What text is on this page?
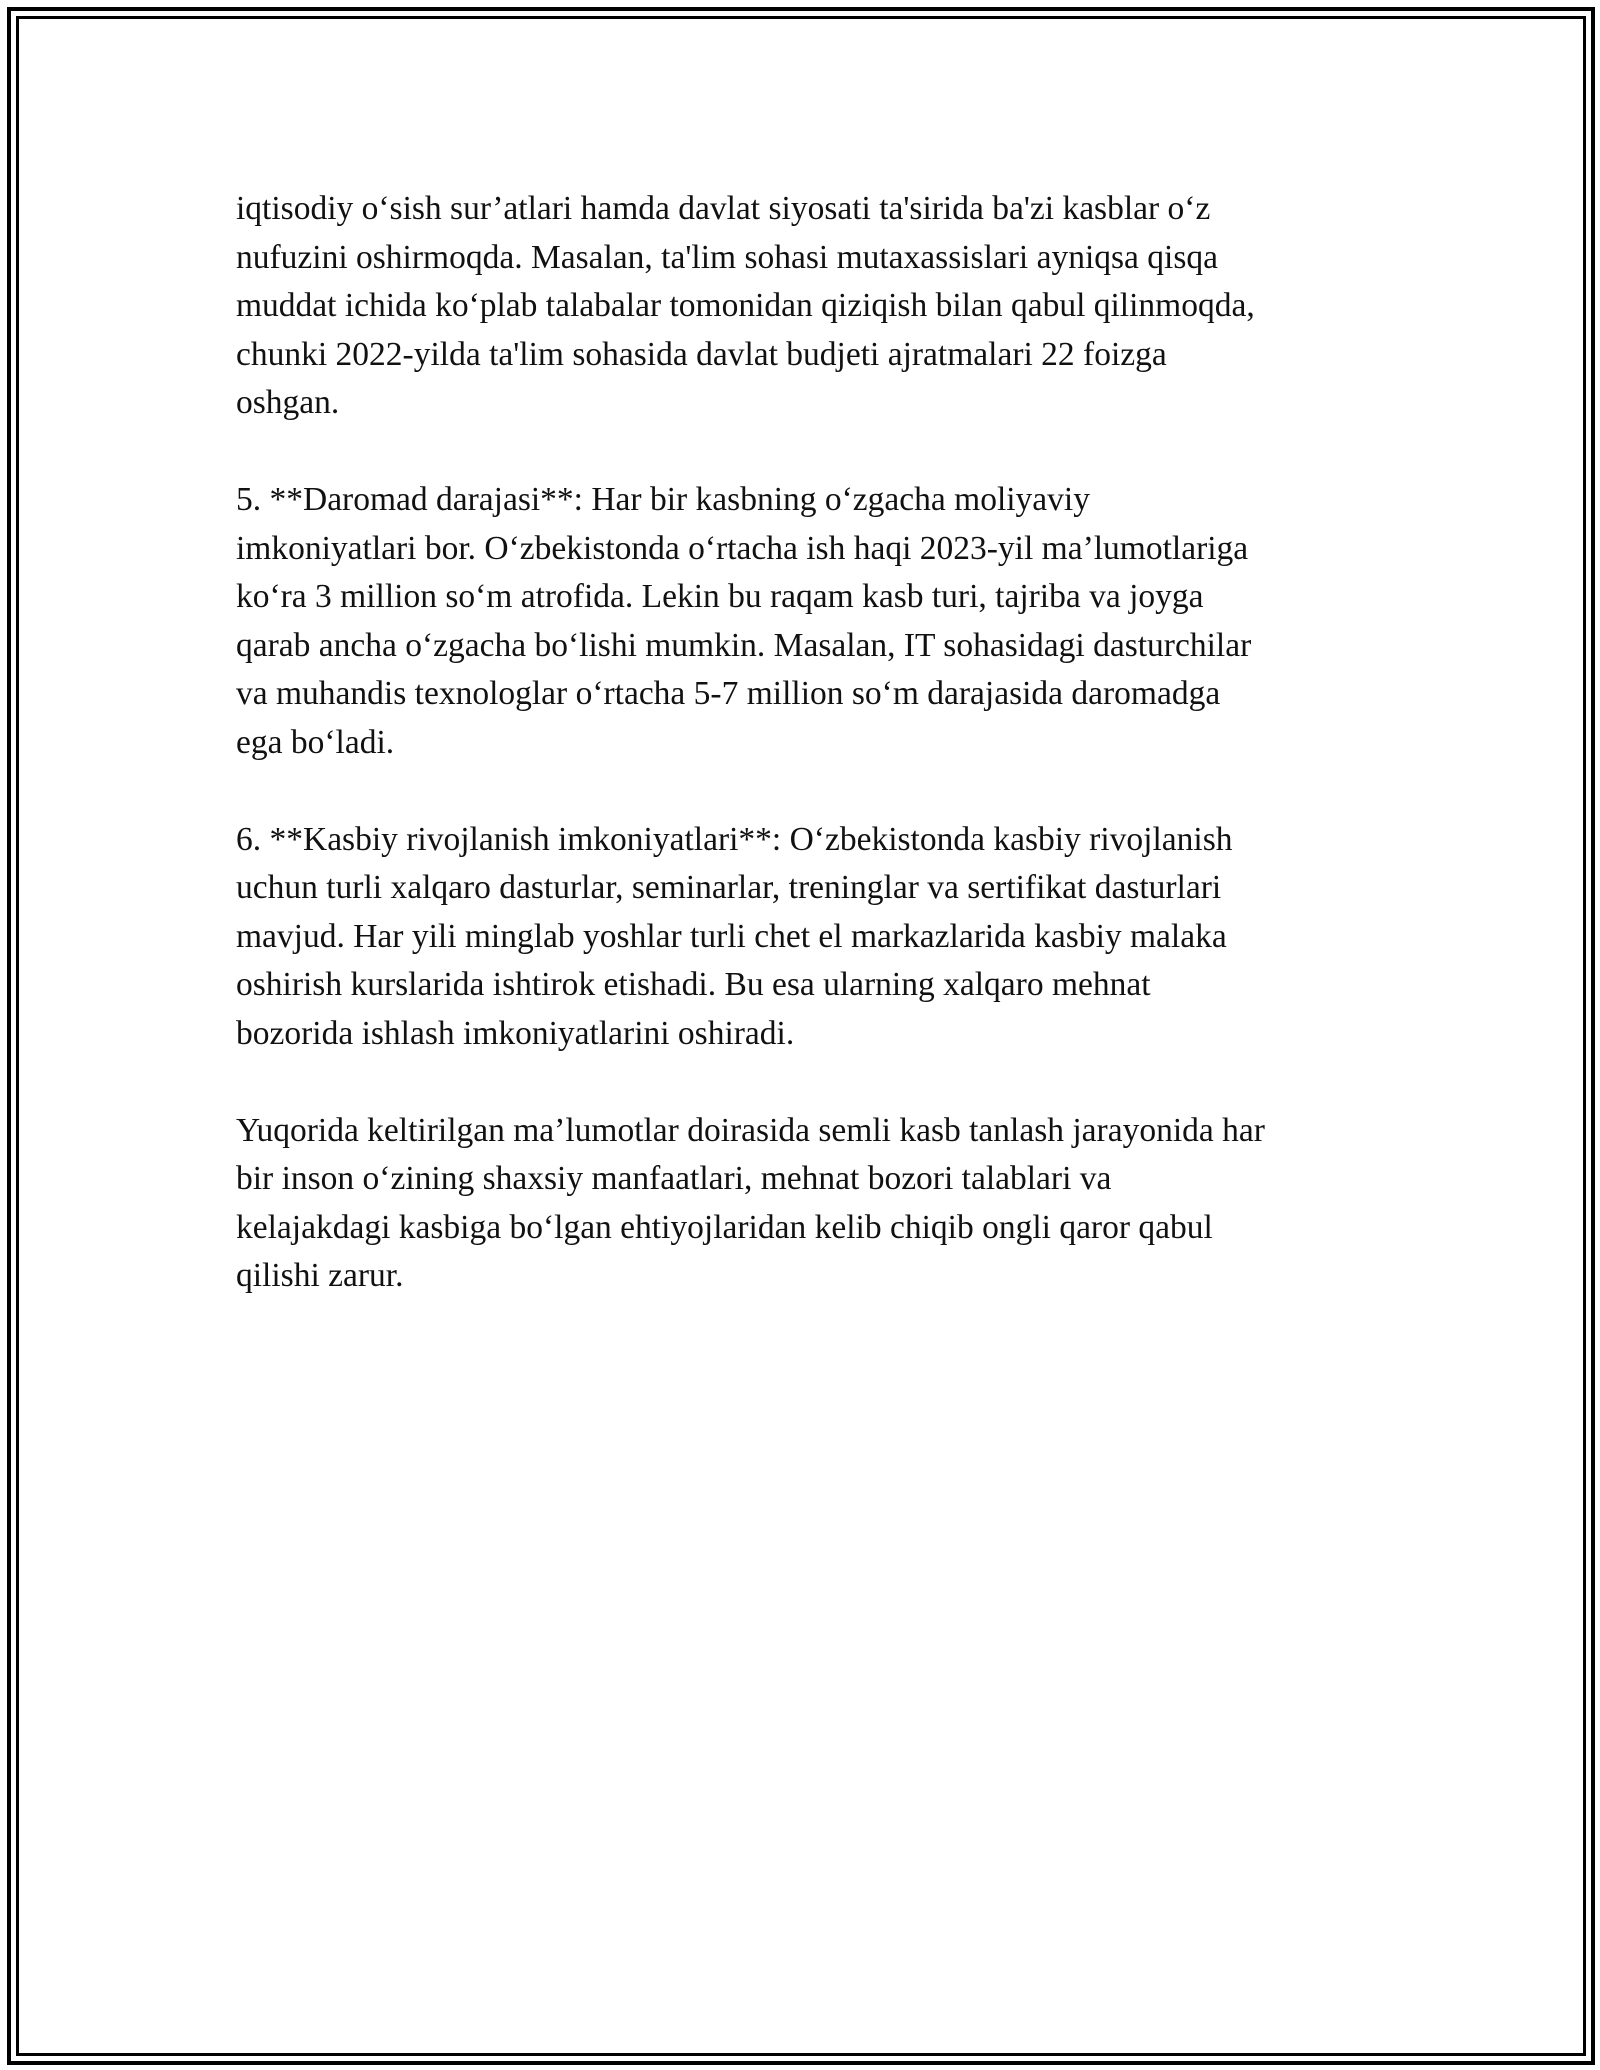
iqtisodiy o‘sish sur’atlari hamda davlat siyosati ta'sirida ba'zi kasblar o‘z
nufuzini oshirmoqda. Masalan, ta'lim sohasi mutaxassislari ayniqsa qisqa
muddat ichida ko‘plab talabalar tomonidan qiziqish bilan qabul qilinmoqda,
chunki 2022-yilda ta'lim sohasida davlat budjeti ajratmalari 22 foizga
oshgan.

5. **Daromad darajasi**: Har bir kasbning o‘zgacha moliyaviy
imkoniyatlari bor. O‘zbekistonda o‘rtacha ish haqi 2023-yil ma’lumotlariga
ko‘ra 3 million so‘m atrofida. Lekin bu raqam kasb turi, tajriba va joyga
qarab ancha o‘zgacha bo‘lishi mumkin. Masalan, IT sohasidagi dasturchilar
va muhandis texnologlar o‘rtacha 5-7 million so‘m darajasida daromadga
ega bo‘ladi.

6. **Kasbiy rivojlanish imkoniyatlari**: O‘zbekistonda kasbiy rivojlanish
uchun turli xalqaro dasturlar, seminarlar, treninglar va sertifikat dasturlari
mavjud. Har yili minglab yoshlar turli chet el markazlarida kasbiy malaka
oshirish kurslarida ishtirok etishadi. Bu esa ularning xalqaro mehnat
bozorida ishlash imkoniyatlarini oshiradi.

Yuqorida keltirilgan ma’lumotlar doirasida semli kasb tanlash jarayonida har
bir inson o‘zining shaxsiy manfaatlari, mehnat bozori talablari va
kelajakdagi kasbiga bo‘lgan ehtiyojlaridan kelib chiqib ongli qaror qabul
qilishi zarur.
